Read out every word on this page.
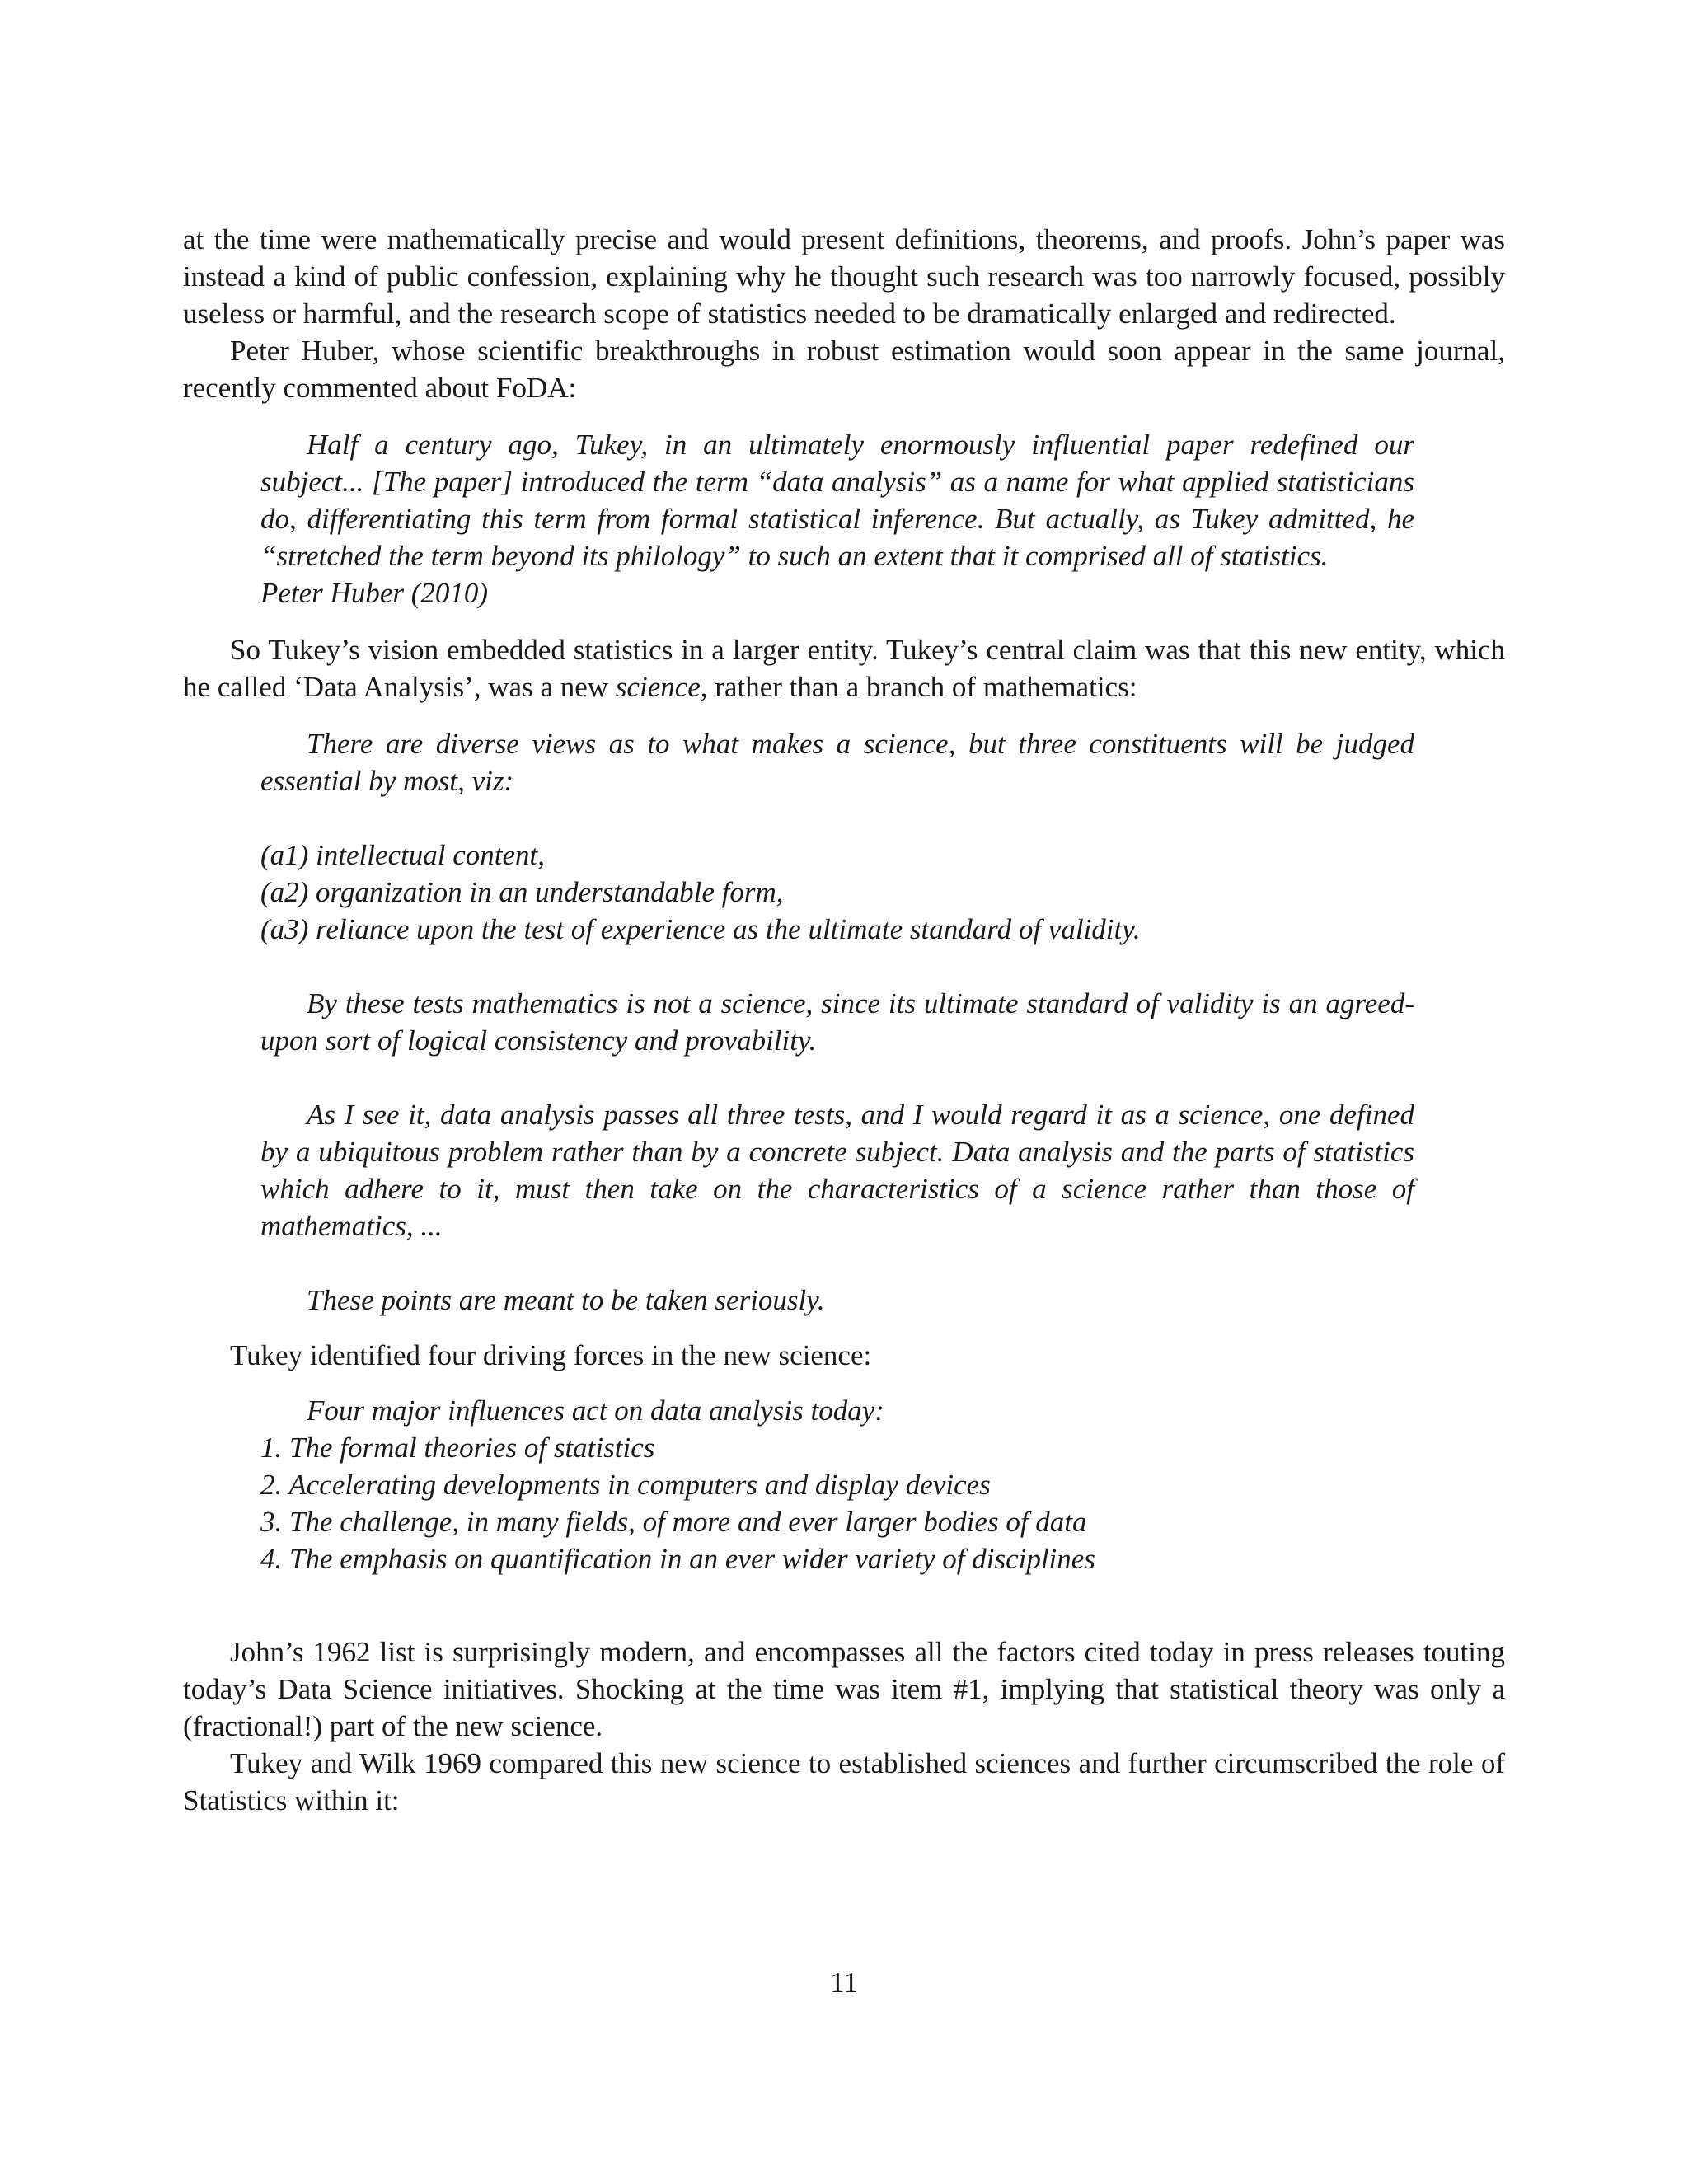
at the time were mathematically precise and would present definitions, theorems, and proofs. John’s paper was instead a kind of public confession, explaining why he thought such research was too narrowly focused, possibly useless or harmful, and the research scope of statistics needed to be dramatically enlarged and redirected.

Peter Huber, whose scientific breakthroughs in robust estimation would soon appear in the same journal, recently commented about FoDA:

Half a century ago, Tukey, in an ultimately enormously influential paper redefined our subject... [The paper] introduced the term “data analysis” as a name for what applied statisticians do, differentiating this term from formal statistical inference. But actually, as Tukey admitted, he “stretched the term beyond its philology” to such an extent that it comprised all of statistics.

Peter Huber (2010)

So Tukey’s vision embedded statistics in a larger entity. Tukey’s central claim was that this new entity, which he called ‘Data Analysis’, was a new science, rather than a branch of mathematics:

There are diverse views as to what makes a science, but three constituents will be judged essential by most, viz:

(a1) intellectual content,

(a2) organization in an understandable form,

(a3) reliance upon the test of experience as the ultimate standard of validity.

By these tests mathematics is not a science, since its ultimate standard of validity is an agreed-upon sort of logical consistency and provability.

As I see it, data analysis passes all three tests, and I would regard it as a science, one defined by a ubiquitous problem rather than by a concrete subject. Data analysis and the parts of statistics which adhere to it, must then take on the characteristics of a science rather than those of mathematics, ...

These points are meant to be taken seriously.

Tukey identified four driving forces in the new science:

Four major influences act on data analysis today:

1. The formal theories of statistics

2. Accelerating developments in computers and display devices

3. The challenge, in many fields, of more and ever larger bodies of data

4. The emphasis on quantification in an ever wider variety of disciplines

John’s 1962 list is surprisingly modern, and encompasses all the factors cited today in press releases touting today’s Data Science initiatives. Shocking at the time was item #1, implying that statistical theory was only a (fractional!) part of the new science.

Tukey and Wilk 1969 compared this new science to established sciences and further circumscribed the role of Statistics within it:

11
